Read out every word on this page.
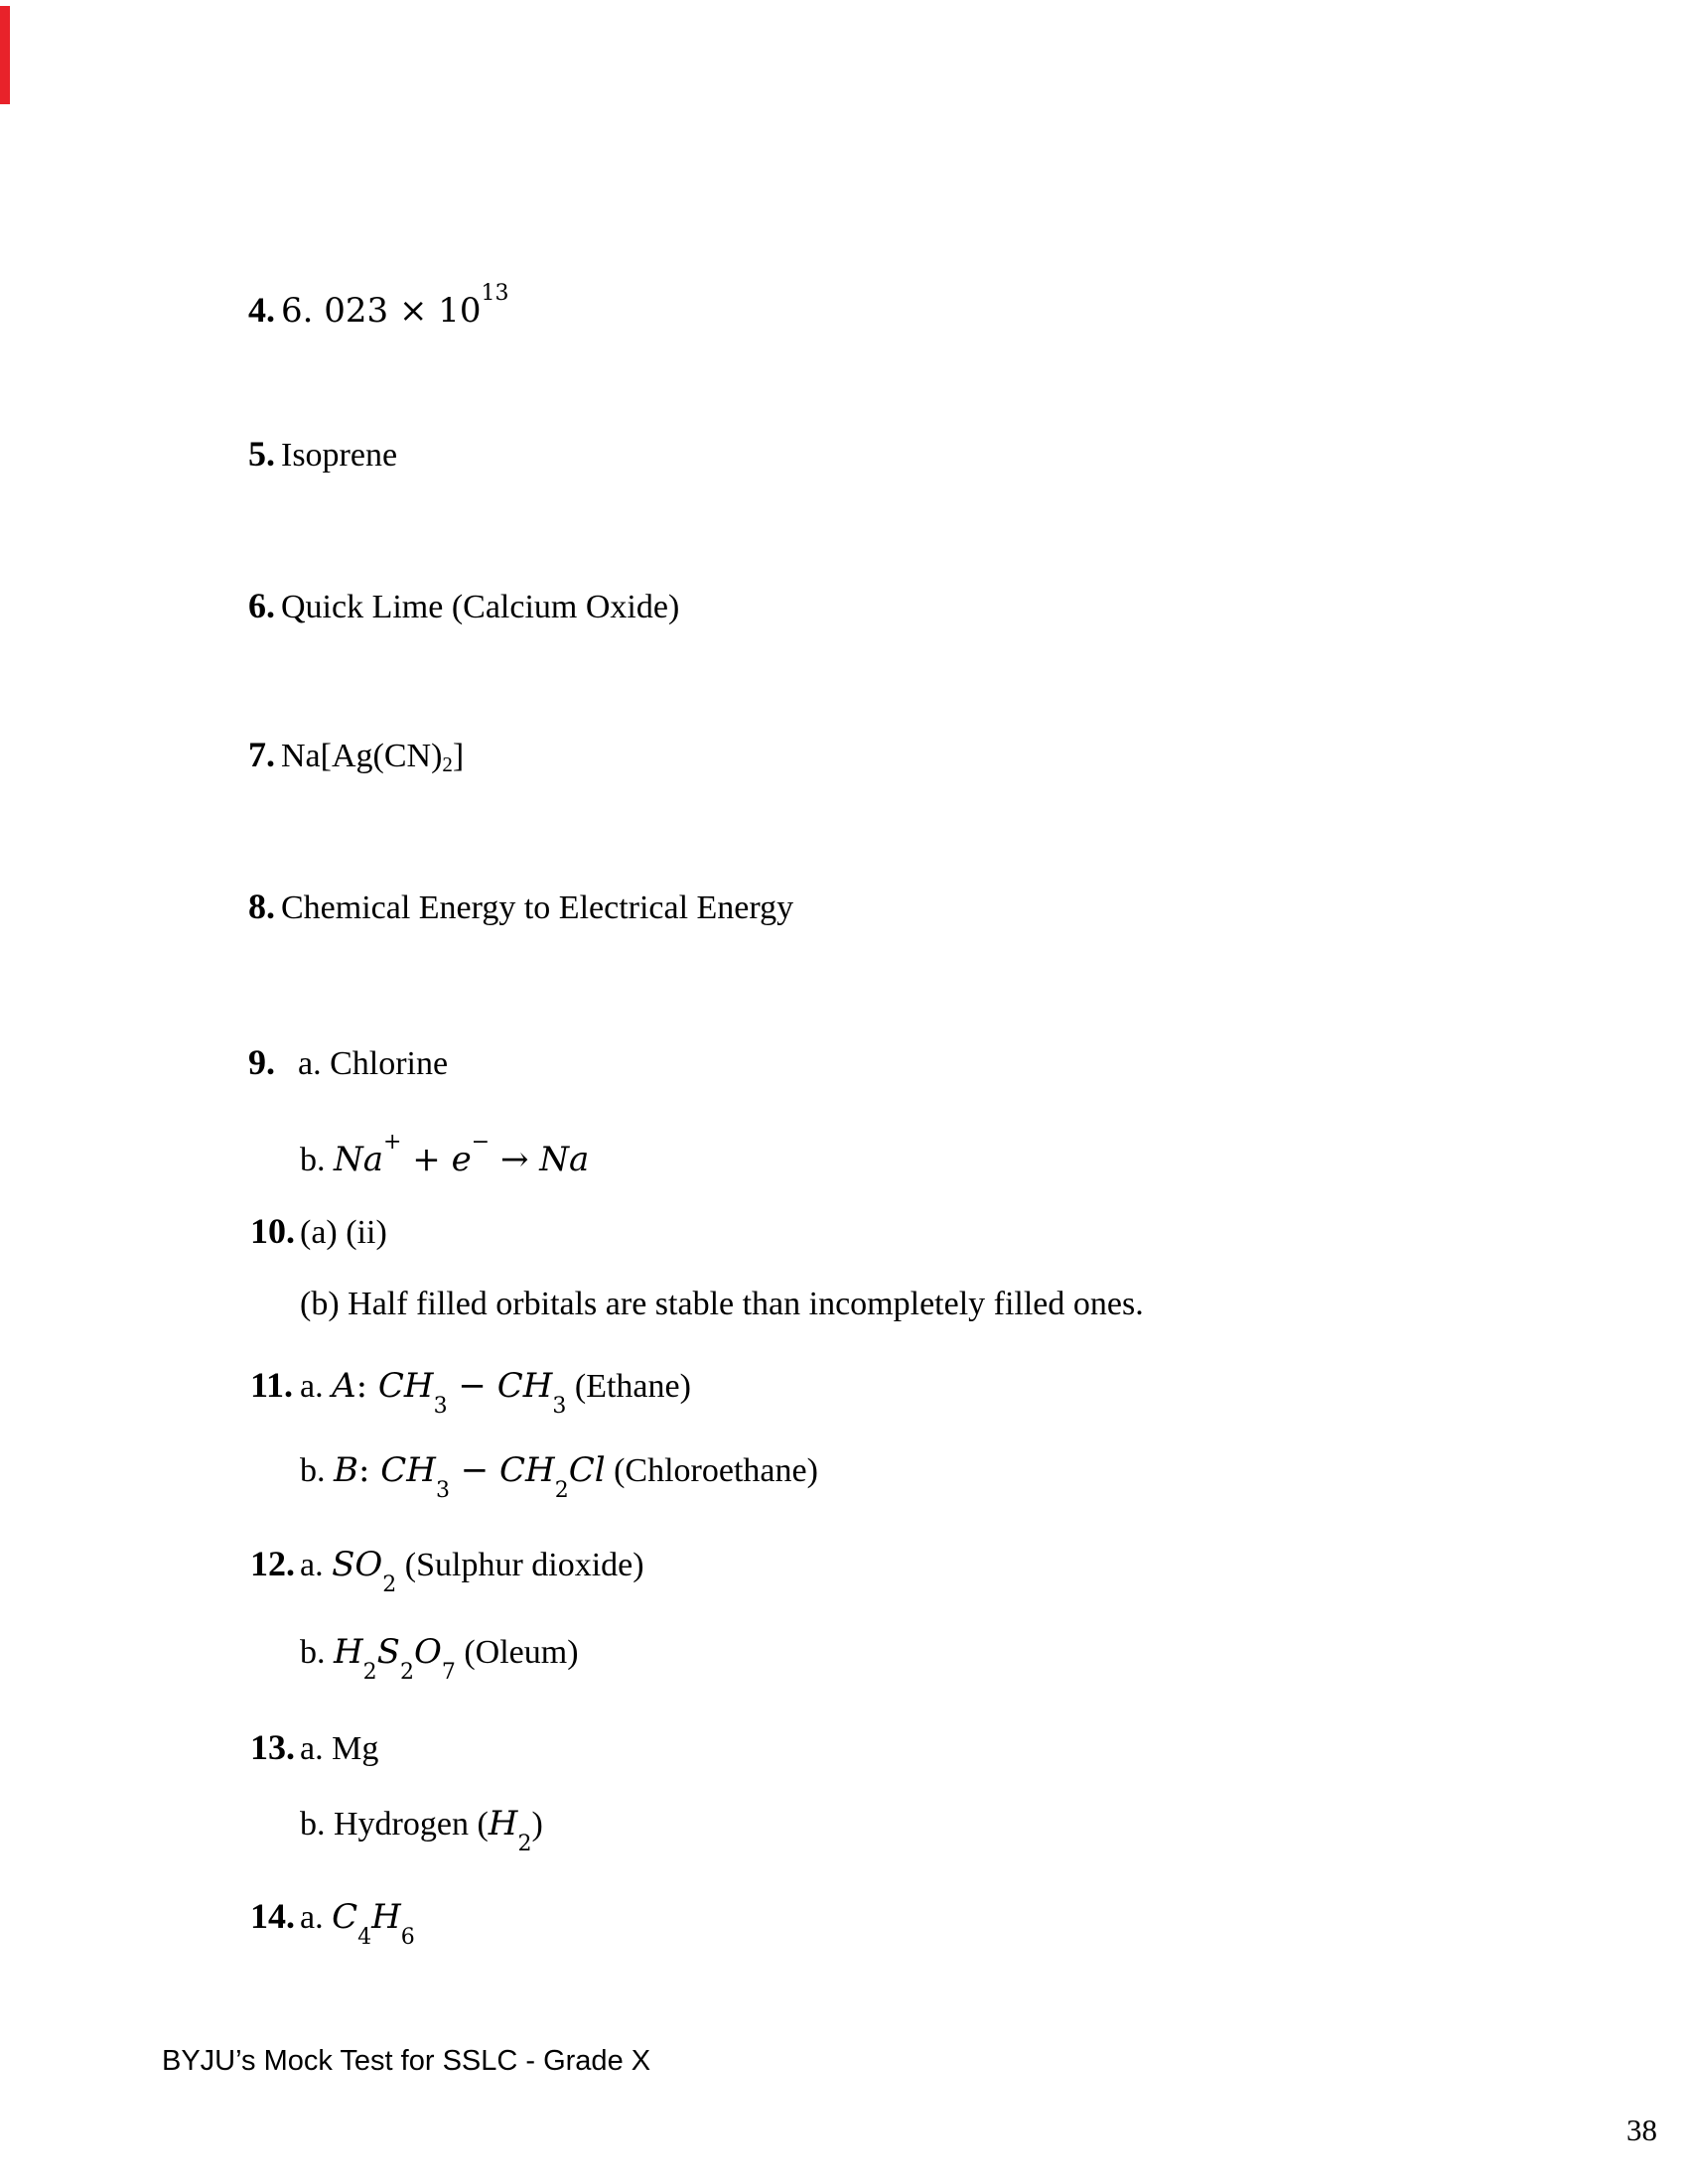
4. 6. $023 \times 10^{13}$
5. Isoprene
6. Quick Lime (Calcium Oxide)
7. Na[Ag(CN)2]
8. Chemical Energy to Electrical Energy
9. a. Chlorine
b. Na+ + e− → Na
10. (a) (ii)
(b) Half filled orbitals are stable than incompletely filled ones.
11. a. A: $CH_3 - CH_3$ (Ethane)
b. B: $CH_3 - CH_2Cl$ (Chloroethane)
12. a. $SO_2$ (Sulphur dioxide)
b. $H_2S_2O_7$ (Oleum)
13. a. Mg
b. Hydrogen $(H_2)$
14. a. $C_4H_6$
BYJU’s Mock Test for SSLC - Grade X
38
